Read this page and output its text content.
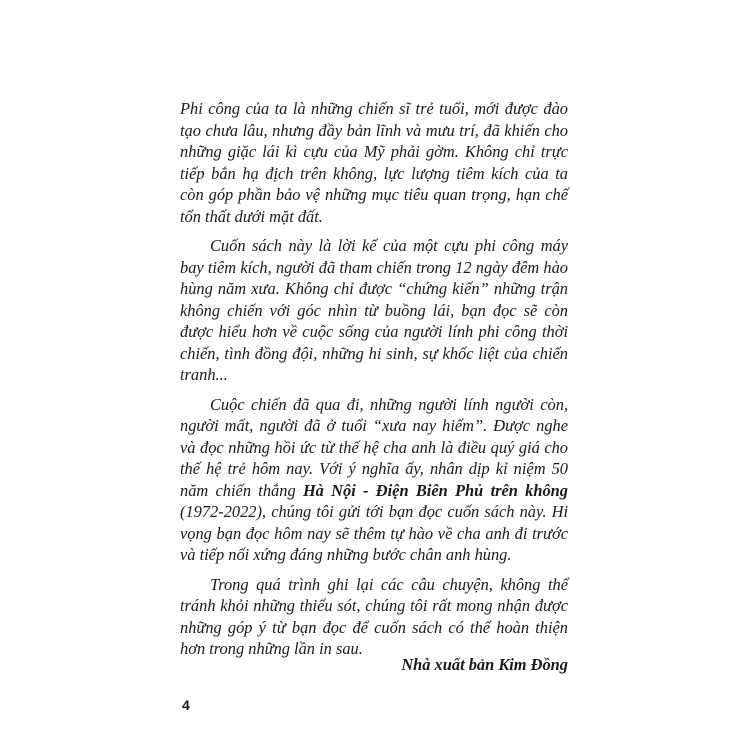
Phi công của ta là những chiến sĩ trẻ tuổi, mới được đào tạo chưa lâu, nhưng đầy bản lĩnh và mưu trí, đã khiến cho những giặc lái kì cựu của Mỹ phải gờm. Không chỉ trực tiếp bắn hạ địch trên không, lực lượng tiêm kích của ta còn góp phần bảo vệ những mục tiêu quan trọng, hạn chế tổn thất dưới mặt đất.

Cuốn sách này là lời kể của một cựu phi công máy bay tiêm kích, người đã tham chiến trong 12 ngày đêm hào hùng năm xưa. Không chỉ được “chứng kiến” những trận không chiến với góc nhìn từ buồng lái, bạn đọc sẽ còn được hiểu hơn về cuộc sống của người lính phi công thời chiến, tình đồng đội, những hi sinh, sự khốc liệt của chiến tranh...

Cuộc chiến đã qua đi, những người lính người còn, người mất, người đã ở tuổi “xưa nay hiếm”. Được nghe và đọc những hồi ức từ thế hệ cha anh là điều quý giá cho thế hệ trẻ hôm nay. Với ý nghĩa ấy, nhân dịp kỉ niệm 50 năm chiến thắng Hà Nội - Điện Biên Phủ trên không (1972-2022), chúng tôi gửi tới bạn đọc cuốn sách này. Hi vọng bạn đọc hôm nay sẽ thêm tự hào về cha anh đi trước và tiếp nối xứng đáng những bước chân anh hùng.

Trong quá trình ghi lại các câu chuyện, không thể tránh khỏi những thiếu sót, chúng tôi rất mong nhận được những góp ý từ bạn đọc để cuốn sách có thể hoàn thiện hơn trong những lần in sau.

Nhà xuất bản Kim Đồng
4
